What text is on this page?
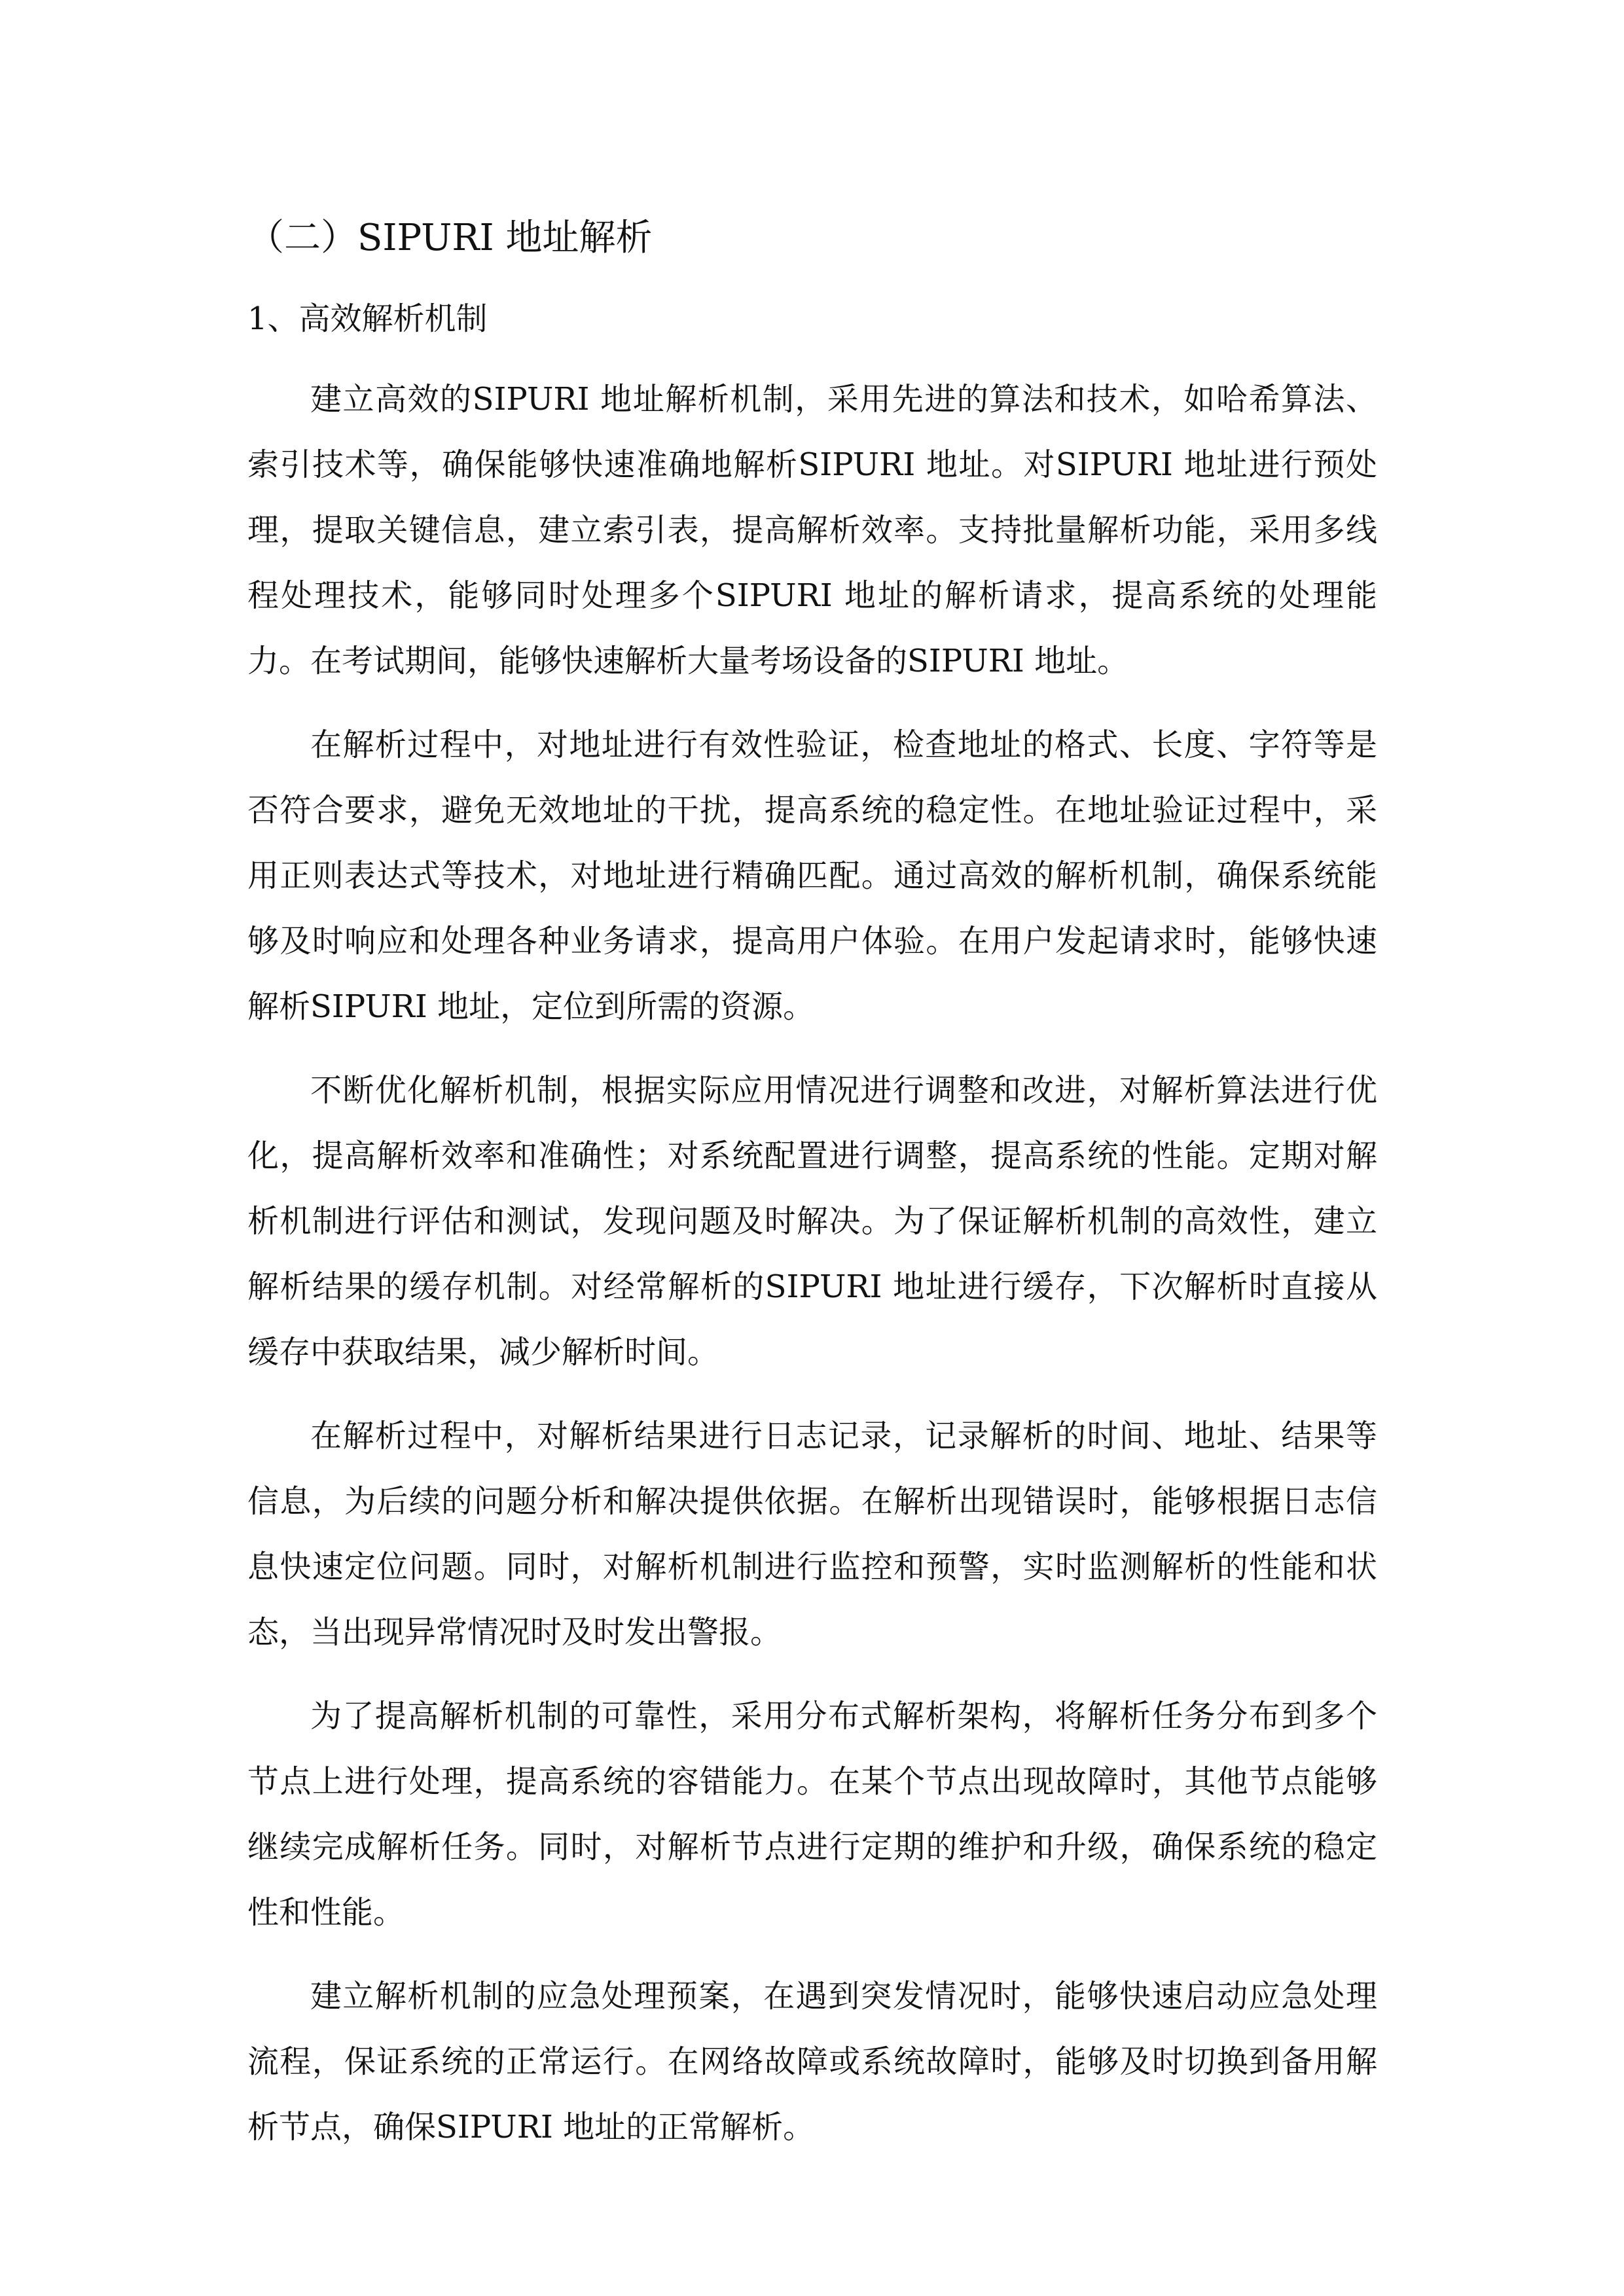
（二）SIPURI 地址解析
1、高效解析机制

建立高效的SIPURI 地址解析机制，采用先进的算法和技术，如哈希算法、索引技术等，确保能够快速准确地解析SIPURI 地址。对SIPURI 地址进行预处理，提取关键信息，建立索引表，提高解析效率。支持批量解析功能，采用多线程处理技术，能够同时处理多个SIPURI 地址的解析请求，提高系统的处理能力。在考试期间，能够快速解析大量考场设备的SIPURI 地址。

在解析过程中，对地址进行有效性验证，检查地址的格式、长度、字符等是否符合要求，避免无效地址的干扰，提高系统的稳定性。在地址验证过程中，采用正则表达式等技术，对地址进行精确匹配。通过高效的解析机制，确保系统能够及时响应和处理各种业务请求，提高用户体验。在用户发起请求时，能够快速解析SIPURI 地址，定位到所需的资源。

不断优化解析机制，根据实际应用情况进行调整和改进，对解析算法进行优化，提高解析效率和准确性；对系统配置进行调整，提高系统的性能。定期对解析机制进行评估和测试，发现问题及时解决。为了保证解析机制的高效性，建立解析结果的缓存机制。对经常解析的SIPURI 地址进行缓存，下次解析时直接从缓存中获取结果，减少解析时间。

在解析过程中，对解析结果进行日志记录，记录解析的时间、地址、结果等信息，为后续的问题分析和解决提供依据。在解析出现错误时，能够根据日志信息快速定位问题。同时，对解析机制进行监控和预警，实时监测解析的性能和状态，当出现异常情况时及时发出警报。

为了提高解析机制的可靠性，采用分布式解析架构，将解析任务分布到多个节点上进行处理，提高系统的容错能力。在某个节点出现故障时，其他节点能够继续完成解析任务。同时，对解析节点进行定期的维护和升级，确保系统的稳定性和性能。

建立解析机制的应急处理预案，在遇到突发情况时，能够快速启动应急处理流程，保证系统的正常运行。在网络故障或系统故障时，能够及时切换到备用解析节点，确保SIPURI 地址的正常解析。
